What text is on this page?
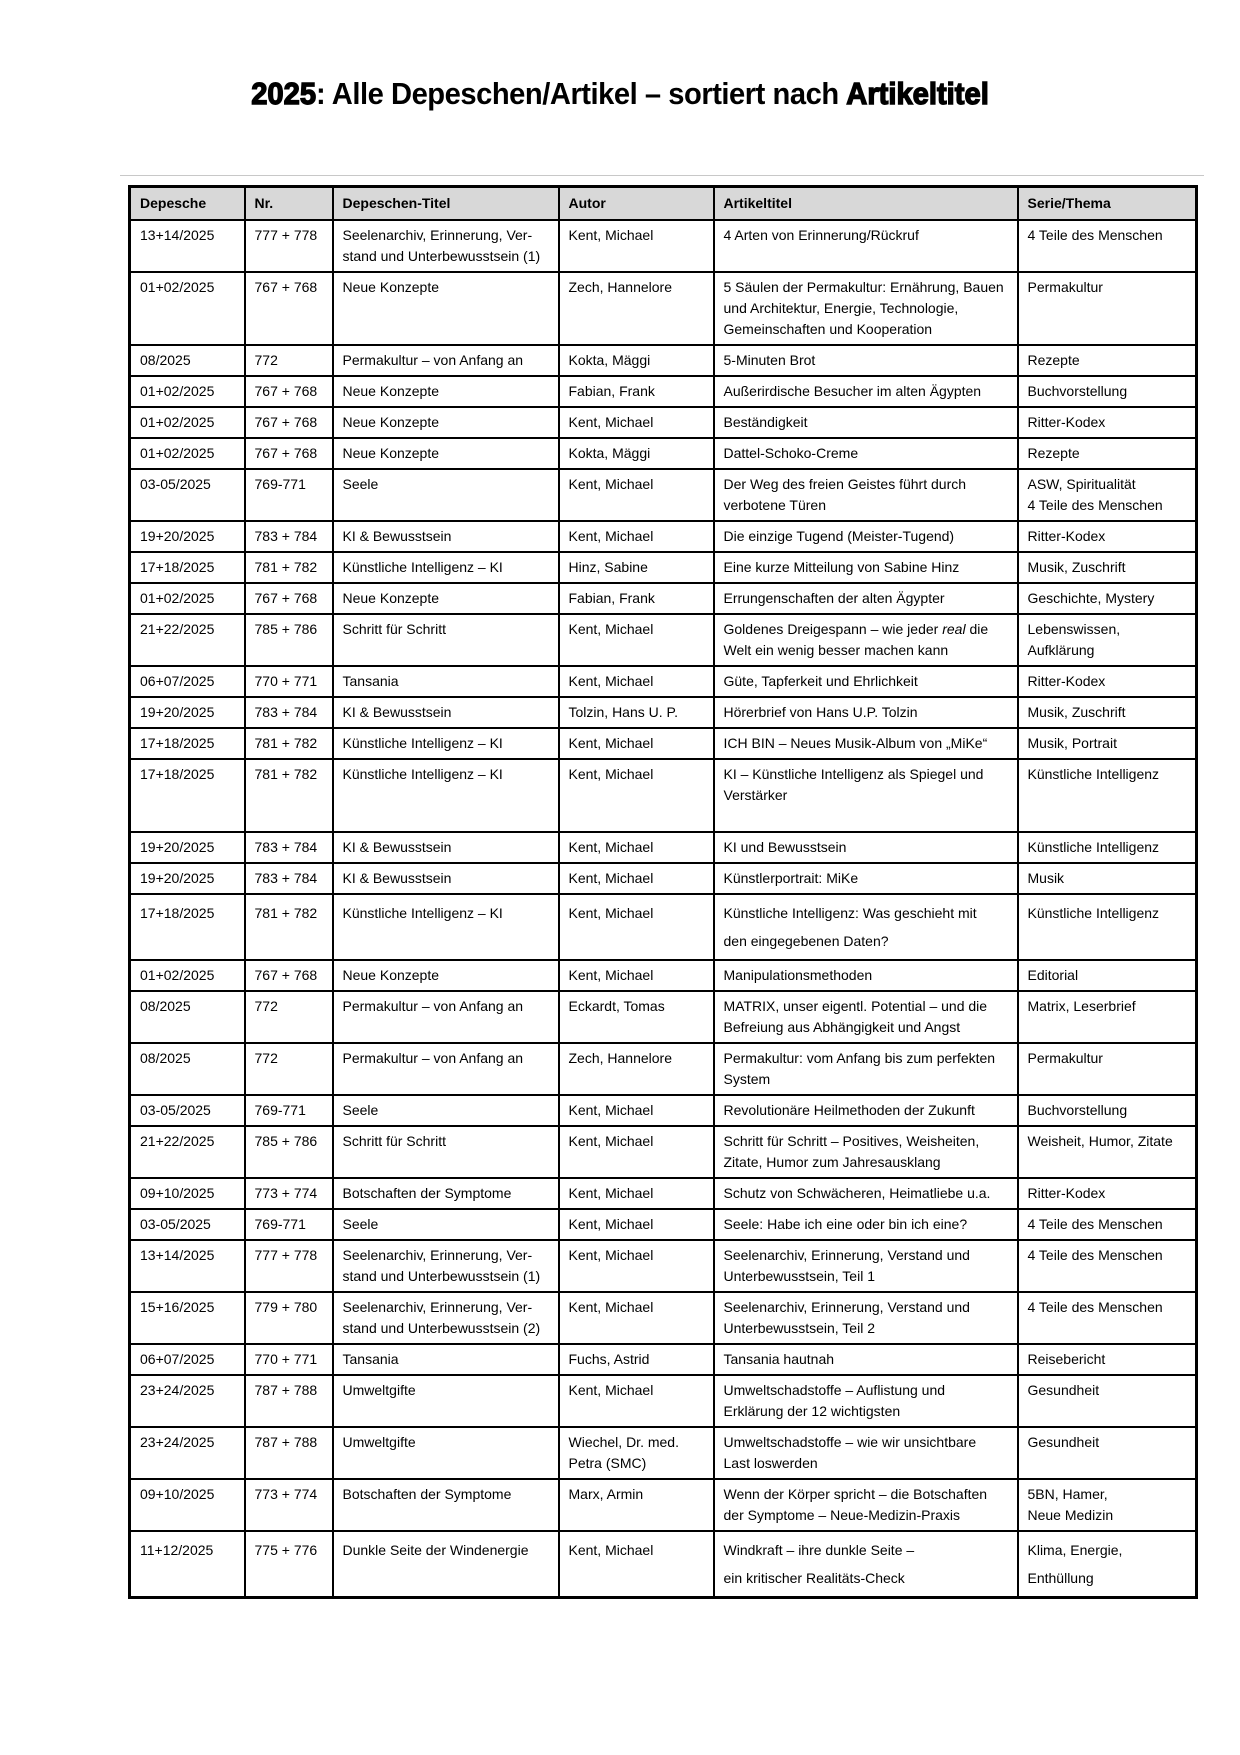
2025: Alle Depeschen/Artikel – sortiert nach Artikeltitel
Depesche	Nr.	Depeschen-Titel	Autor	Artikeltitel	Serie/Thema
13+14/2025	777 + 778	Seelenarchiv, Erinnerung, Ver-
stand und Unterbewusstsein (1)	Kent, Michael	4 Arten von Erinnerung/Rückruf	4 Teile des Menschen
01+02/2025	767 + 768	Neue Konzepte	Zech, Hannelore	5 Säulen der Permakultur: Ernährung, Bauen
und Architektur, Energie, Technologie,
Gemeinschaften und Kooperation	Permakultur
08/2025	772	Permakultur – von Anfang an	Kokta, Mäggi	5-Minuten Brot	Rezepte
01+02/2025	767 + 768	Neue Konzepte	Fabian, Frank	Außerirdische Besucher im alten Ägypten	Buchvorstellung
01+02/2025	767 + 768	Neue Konzepte	Kent, Michael	Beständigkeit	Ritter-Kodex
01+02/2025	767 + 768	Neue Konzepte	Kokta, Mäggi	Dattel-Schoko-Creme	Rezepte
03-05/2025	769-771	Seele	Kent, Michael	Der Weg des freien Geistes führt durch
verbotene Türen	ASW, Spiritualität
4 Teile des Menschen
19+20/2025	783 + 784	KI & Bewusstsein	Kent, Michael	Die einzige Tugend (Meister-Tugend)	Ritter-Kodex
17+18/2025	781 + 782	Künstliche Intelligenz – KI	Hinz, Sabine	Eine kurze Mitteilung von Sabine Hinz	Musik, Zuschrift
01+02/2025	767 + 768	Neue Konzepte	Fabian, Frank	Errungenschaften der alten Ägypter	Geschichte, Mystery
21+22/2025	785 + 786	Schritt für Schritt	Kent, Michael	Goldenes Dreigespann – wie jeder real die
Welt ein wenig besser machen kann	Lebenswissen,
Aufklärung
06+07/2025	770 + 771	Tansania	Kent, Michael	Güte, Tapferkeit und Ehrlichkeit	Ritter-Kodex
19+20/2025	783 + 784	KI & Bewusstsein	Tolzin, Hans U. P.	Hörerbrief von Hans U.P. Tolzin	Musik, Zuschrift
17+18/2025	781 + 782	Künstliche Intelligenz – KI	Kent, Michael	ICH BIN – Neues Musik-Album von „MiKe“	Musik, Portrait
17+18/2025	781 + 782	Künstliche Intelligenz – KI	Kent, Michael	KI – Künstliche Intelligenz als Spiegel und
Verstärker	Künstliche Intelligenz
19+20/2025	783 + 784	KI & Bewusstsein	Kent, Michael	KI und Bewusstsein	Künstliche Intelligenz
19+20/2025	783 + 784	KI & Bewusstsein	Kent, Michael	Künstlerportrait: MiKe	Musik
17+18/2025	781 + 782	Künstliche Intelligenz – KI	Kent, Michael	Künstliche Intelligenz: Was geschieht mit
den eingegebenen Daten?	Künstliche Intelligenz
01+02/2025	767 + 768	Neue Konzepte	Kent, Michael	Manipulationsmethoden	Editorial
08/2025	772	Permakultur – von Anfang an	Eckardt, Tomas	MATRIX, unser eigentl. Potential – und die
Befreiung aus Abhängigkeit und Angst	Matrix, Leserbrief
08/2025	772	Permakultur – von Anfang an	Zech, Hannelore	Permakultur: vom Anfang bis zum perfekten
System	Permakultur
03-05/2025	769-771	Seele	Kent, Michael	Revolutionäre Heilmethoden der Zukunft	Buchvorstellung
21+22/2025	785 + 786	Schritt für Schritt	Kent, Michael	Schritt für Schritt – Positives, Weisheiten,
Zitate, Humor zum Jahresausklang	Weisheit, Humor, Zitate
09+10/2025	773 + 774	Botschaften der Symptome	Kent, Michael	Schutz von Schwächeren, Heimatliebe u.a.	Ritter-Kodex
03-05/2025	769-771	Seele	Kent, Michael	Seele: Habe ich eine oder bin ich eine?	4 Teile des Menschen
13+14/2025	777 + 778	Seelenarchiv, Erinnerung, Ver-
stand und Unterbewusstsein (1)	Kent, Michael	Seelenarchiv, Erinnerung, Verstand und
Unterbewusstsein, Teil 1	4 Teile des Menschen
15+16/2025	779 + 780	Seelenarchiv, Erinnerung, Ver-
stand und Unterbewusstsein (2)	Kent, Michael	Seelenarchiv, Erinnerung, Verstand und
Unterbewusstsein, Teil 2	4 Teile des Menschen
06+07/2025	770 + 771	Tansania	Fuchs, Astrid	Tansania hautnah	Reisebericht
23+24/2025	787 + 788	Umweltgifte	Kent, Michael	Umweltschadstoffe – Auflistung und
Erklärung der 12 wichtigsten	Gesundheit
23+24/2025	787 + 788	Umweltgifte	Wiechel, Dr. med.
Petra (SMC)	Umweltschadstoffe – wie wir unsichtbare
Last loswerden	Gesundheit
09+10/2025	773 + 774	Botschaften der Symptome	Marx, Armin	Wenn der Körper spricht – die Botschaften
der Symptome – Neue-Medizin-Praxis	5BN, Hamer,
Neue Medizin
11+12/2025	775 + 776	Dunkle Seite der Windenergie	Kent, Michael	Windkraft – ihre dunkle Seite –
ein kritischer Realitäts-Check	Klima, Energie,
Enthüllung
